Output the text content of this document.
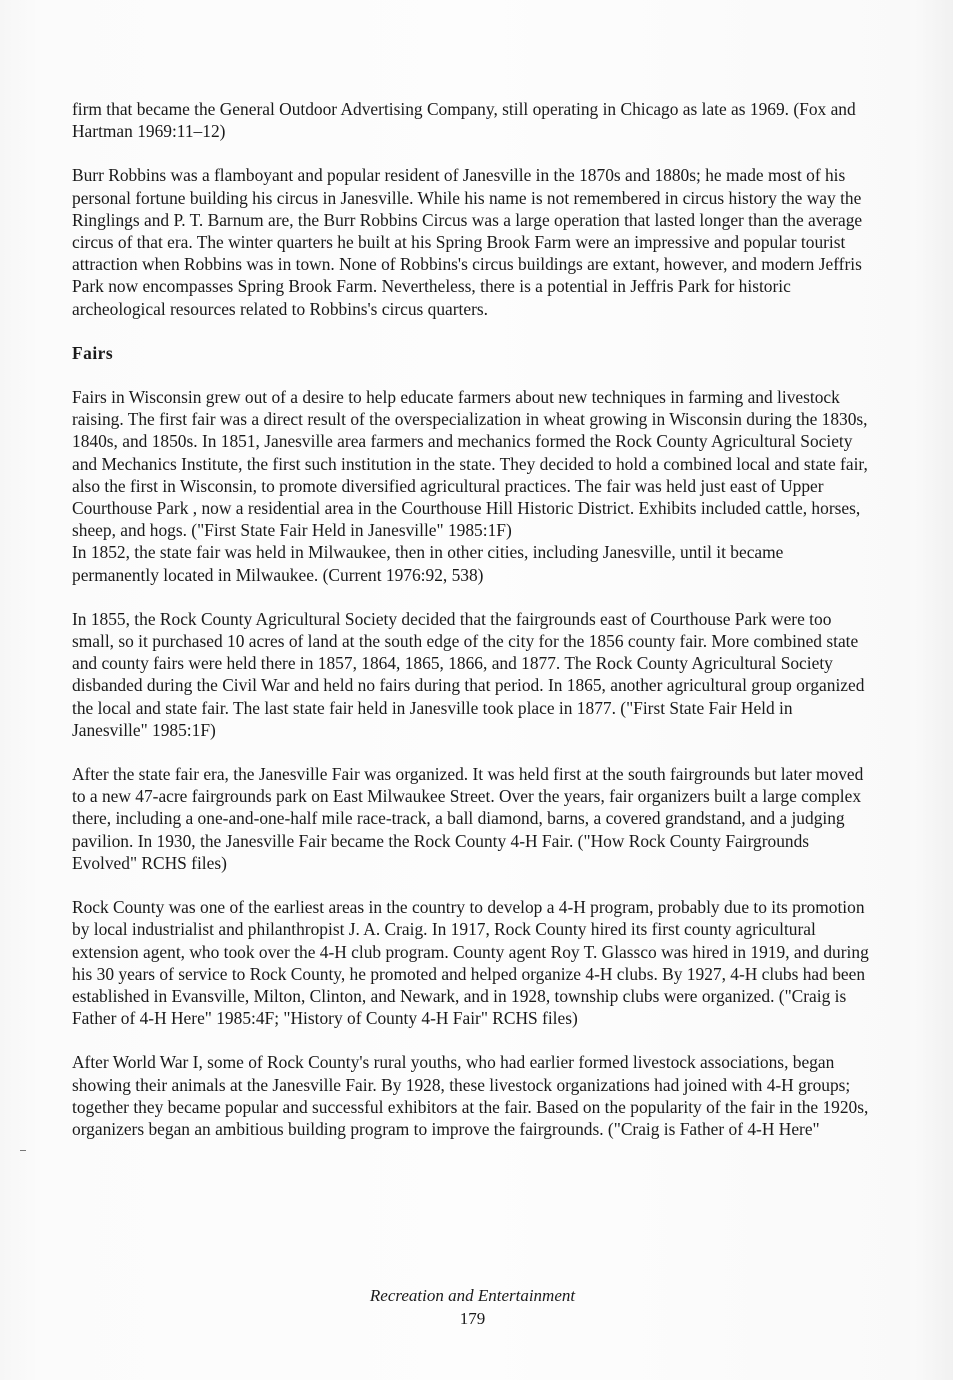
firm that became the General Outdoor Advertising Company, still operating in Chicago as late as 1969. (Fox and Hartman 1969:11–12)

Burr Robbins was a flamboyant and popular resident of Janesville in the 1870s and 1880s; he made most of his personal fortune building his circus in Janesville. While his name is not remembered in circus history the way the Ringlings and P. T. Barnum are, the Burr Robbins Circus was a large operation that lasted longer than the average circus of that era. The winter quarters he built at his Spring Brook Farm were an impressive and popular tourist attraction when Robbins was in town. None of Robbins's circus buildings are extant, however, and modern Jeffris Park now encompasses Spring Brook Farm. Nevertheless, there is a potential in Jeffris Park for historic archeological resources related to Robbins's circus quarters.

Fairs

Fairs in Wisconsin grew out of a desire to help educate farmers about new techniques in farming and livestock raising. The first fair was a direct result of the overspecialization in wheat growing in Wisconsin during the 1830s, 1840s, and 1850s. In 1851, Janesville area farmers and mechanics formed the Rock County Agricultural Society and Mechanics Institute, the first such institution in the state. They decided to hold a combined local and state fair, also the first in Wisconsin, to promote diversified agricultural practices. The fair was held just east of Upper Courthouse Park , now a residential area in the Courthouse Hill Historic District. Exhibits included cattle, horses, sheep, and hogs. ("First State Fair Held in Janesville" 1985:1F)

In 1852, the state fair was held in Milwaukee, then in other cities, including Janesville, until it became permanently located in Milwaukee. (Current 1976:92, 538)

In 1855, the Rock County Agricultural Society decided that the fairgrounds east of Courthouse Park were too small, so it purchased 10 acres of land at the south edge of the city for the 1856 county fair. More combined state and county fairs were held there in 1857, 1864, 1865, 1866, and 1877. The Rock County Agricultural Society disbanded during the Civil War and held no fairs during that period. In 1865, another agricultural group organized the local and state fair. The last state fair held in Janesville took place in 1877. ("First State Fair Held in Janesville" 1985:1F)

After the state fair era, the Janesville Fair was organized. It was held first at the south fairgrounds but later moved to a new 47-acre fairgrounds park on East Milwaukee Street. Over the years, fair organizers built a large complex there, including a one-and-one-half mile race-track, a ball diamond, barns, a covered grandstand, and a judging pavilion. In 1930, the Janesville Fair became the Rock County 4-H Fair. ("How Rock County Fairgrounds Evolved" RCHS files)

Rock County was one of the earliest areas in the country to develop a 4-H program, probably due to its promotion by local industrialist and philanthropist J. A. Craig. In 1917, Rock County hired its first county agricultural extension agent, who took over the 4-H club program. County agent Roy T. Glassco was hired in 1919, and during his 30 years of service to Rock County, he promoted and helped organize 4-H clubs. By 1927, 4-H clubs had been established in Evansville, Milton, Clinton, and Newark, and in 1928, township clubs were organized. ("Craig is Father of 4-H Here" 1985:4F; "History of County 4-H Fair" RCHS files)

After World War I, some of Rock County's rural youths, who had earlier formed livestock associations, began showing their animals at the Janesville Fair. By 1928, these livestock organizations had joined with 4-H groups; together they became popular and successful exhibitors at the fair. Based on the popularity of the fair in the 1920s, organizers began an ambitious building program to improve the fairgrounds. ("Craig is Father of 4-H Here"

Recreation and Entertainment
179
